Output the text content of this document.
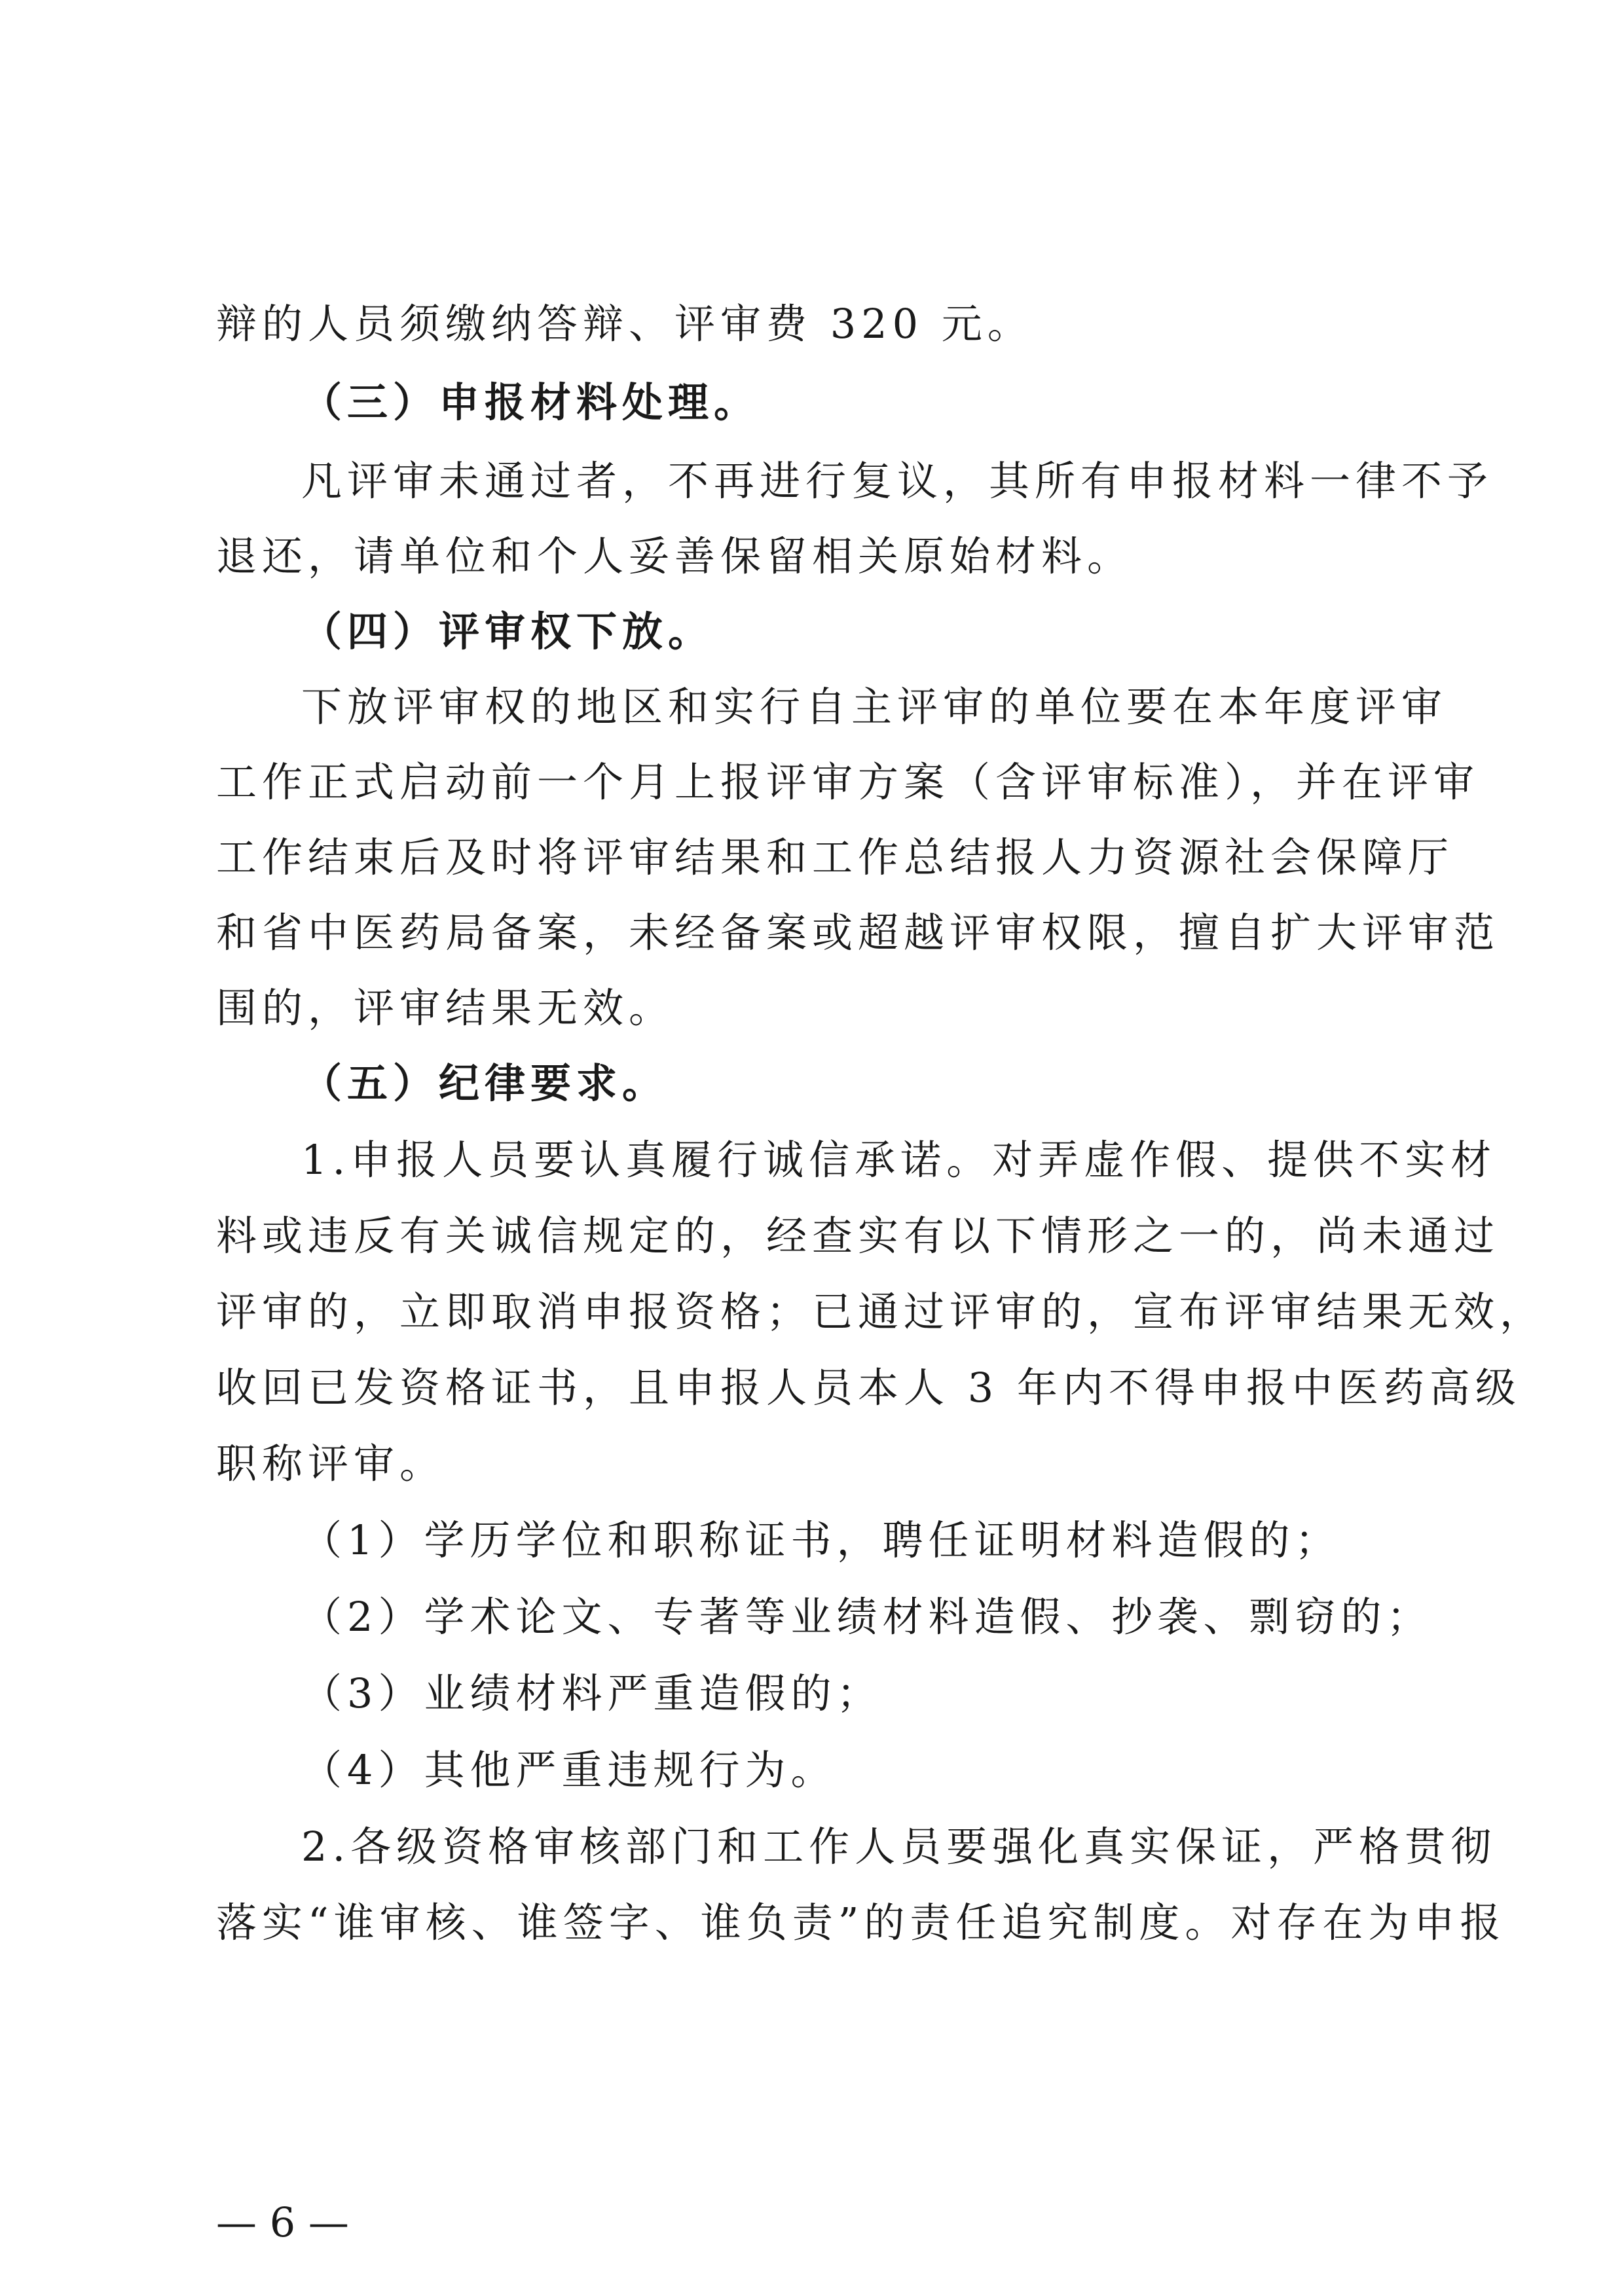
辩的人员须缴纳答辩、评审费 320 元。
（三）申报材料处理。
凡评审未通过者，不再进行复议，其所有申报材料一律不予
退还，请单位和个人妥善保留相关原始材料。
（四）评审权下放。
下放评审权的地区和实行自主评审的单位要在本年度评审
工作正式启动前一个月上报评审方案（含评审标准），并在评审
工作结束后及时将评审结果和工作总结报人力资源社会保障厅
和省中医药局备案，未经备案或超越评审权限，擅自扩大评审范
围的，评审结果无效。
（五）纪律要求。
1.申报人员要认真履行诚信承诺。对弄虚作假、提供不实材
料或违反有关诚信规定的，经查实有以下情形之一的，尚未通过
评审的，立即取消申报资格；已通过评审的，宣布评审结果无效，
收回已发资格证书，且申报人员本人 3 年内不得申报中医药高级
职称评审。
（1）学历学位和职称证书，聘任证明材料造假的；
（2）学术论文、专著等业绩材料造假、抄袭、剽窃的；
（3）业绩材料严重造假的；
（4）其他严重违规行为。
2.各级资格审核部门和工作人员要强化真实保证，严格贯彻
落实“谁审核、谁签字、谁负责”的责任追究制度。对存在为申报
— 6 —
